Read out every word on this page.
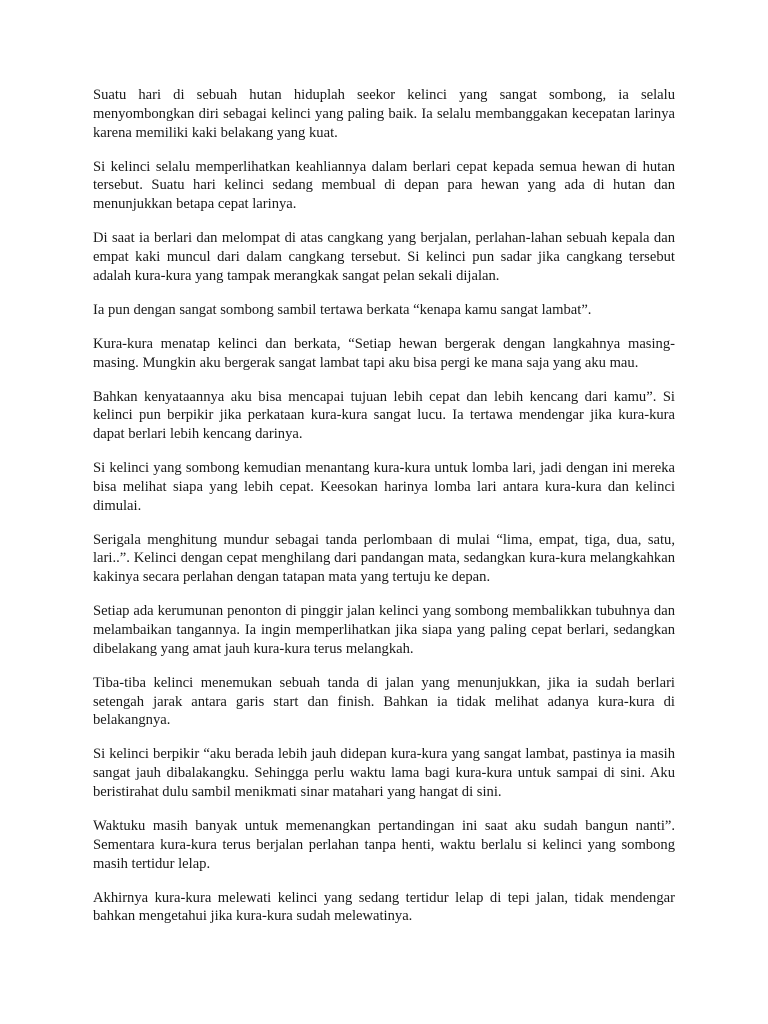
Suatu hari di sebuah hutan hiduplah seekor kelinci yang sangat sombong, ia selalu menyombongkan diri sebagai kelinci yang paling baik. Ia selalu membanggakan kecepatan larinya karena memiliki kaki belakang yang kuat.

Si kelinci selalu memperlihatkan keahliannya dalam berlari cepat kepada semua hewan di hutan tersebut. Suatu hari kelinci sedang membual di depan para hewan yang ada di hutan dan menunjukkan betapa cepat larinya.

Di saat ia berlari dan melompat di atas cangkang yang berjalan, perlahan-lahan sebuah kepala dan empat kaki muncul dari dalam cangkang tersebut. Si kelinci pun sadar jika cangkang tersebut adalah kura-kura yang tampak merangkak sangat pelan sekali dijalan.

Ia pun dengan sangat sombong sambil tertawa berkata “kenapa kamu sangat lambat”.

Kura-kura menatap kelinci dan berkata, “Setiap hewan bergerak dengan langkahnya masing-masing. Mungkin aku bergerak sangat lambat tapi aku bisa pergi ke mana saja yang aku mau.

Bahkan kenyataannya aku bisa mencapai tujuan lebih cepat dan lebih kencang dari kamu”. Si kelinci pun berpikir jika perkataan kura-kura sangat lucu. Ia tertawa mendengar jika kura-kura dapat berlari lebih kencang darinya.

Si kelinci yang sombong kemudian menantang kura-kura untuk lomba lari, jadi dengan ini mereka bisa melihat siapa yang lebih cepat. Keesokan harinya lomba lari antara kura-kura dan kelinci dimulai.

Serigala menghitung mundur sebagai tanda perlombaan di mulai “lima, empat, tiga, dua, satu, lari..”. Kelinci dengan cepat menghilang dari pandangan mata, sedangkan kura-kura melangkahkan kakinya secara perlahan dengan tatapan mata yang tertuju ke depan.

Setiap ada kerumunan penonton di pinggir jalan kelinci yang sombong membalikkan tubuhnya dan melambaikan tangannya. Ia ingin memperlihatkan jika siapa yang paling cepat berlari, sedangkan dibelakang yang amat jauh kura-kura terus melangkah.

Tiba-tiba kelinci menemukan sebuah tanda di jalan yang menunjukkan, jika ia sudah berlari setengah jarak antara garis start dan finish. Bahkan ia tidak melihat adanya kura-kura di belakangnya.

Si kelinci berpikir “aku berada lebih jauh didepan kura-kura yang sangat lambat, pastinya ia masih sangat jauh dibalakangku. Sehingga perlu waktu lama bagi kura-kura untuk sampai di sini. Aku beristirahat dulu sambil menikmati sinar matahari yang hangat di sini.

Waktuku masih banyak untuk memenangkan pertandingan ini saat aku sudah bangun nanti”. Sementara kura-kura terus berjalan perlahan tanpa henti, waktu berlalu si kelinci yang sombong masih tertidur lelap.

Akhirnya kura-kura melewati kelinci yang sedang tertidur lelap di tepi jalan, tidak mendengar bahkan mengetahui jika kura-kura sudah melewatinya.
